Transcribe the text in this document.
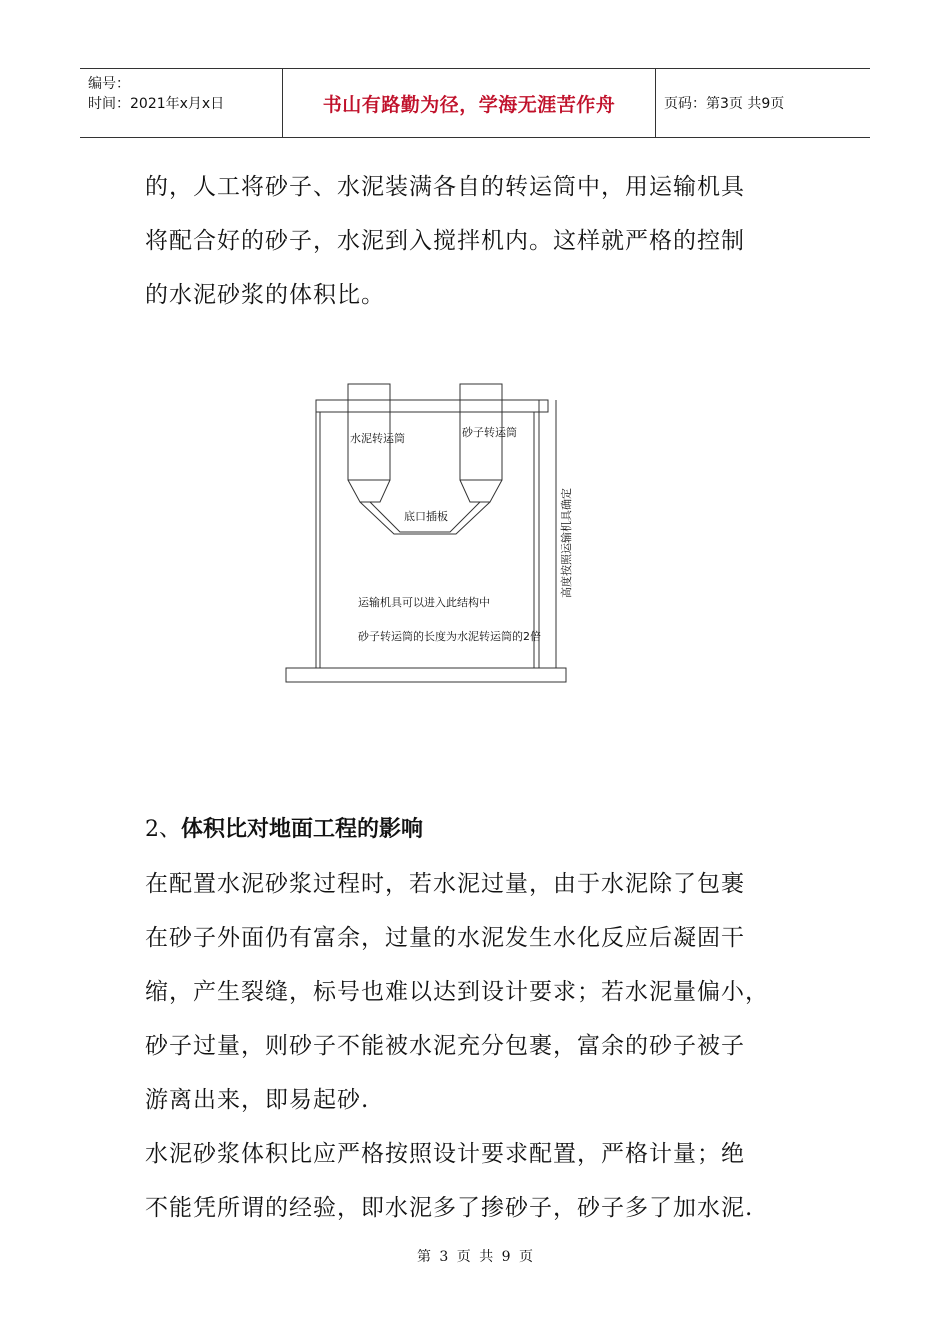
编号：
时间：2021年x月x日	书山有路勤为径，学海无涯苦作舟	页码：第3页 共9页

的，人工将砂子、水泥装满各自的转运筒中，用运输机具

将配合好的砂子，水泥到入搅拌机内。这样就严格的控制

的水泥砂浆的体积比。

水泥转运筒	砂子转运筒
底口插板
运输机具可以进入此结构中
砂子转运筒的长度为水泥转运筒的2倍
高度按照运输机具确定
2、体积比对地面工程的影响

在配置水泥砂浆过程时，若水泥过量，由于水泥除了包裹

在砂子外面仍有富余，过量的水泥发生水化反应后凝固干

缩，产生裂缝，标号也难以达到设计要求；若水泥量偏小，

砂子过量，则砂子不能被水泥充分包裹，富余的砂子被子

游离出来，即易起砂.

水泥砂浆体积比应严格按照设计要求配置，严格计量；绝

不能凭所谓的经验，即水泥多了掺砂子，砂子多了加水泥.

第 3 页 共 9 页
